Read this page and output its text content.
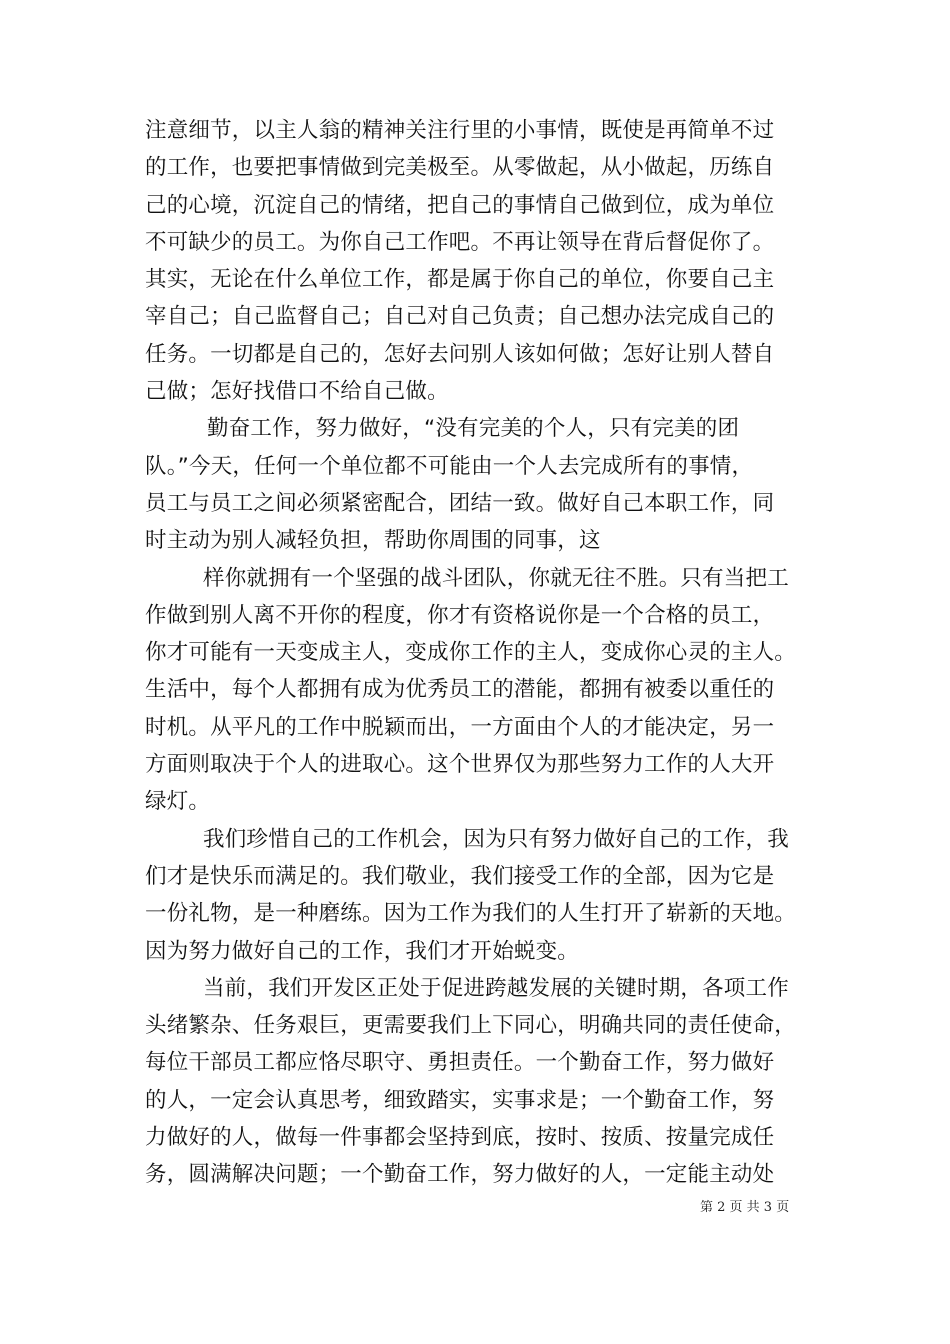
注意细节，以主人翁的精神关注行里的小事情，既使是再简单不过
的工作，也要把事情做到完美极至。从零做起，从小做起，历练自
己的心境，沉淀自己的情绪，把自己的事情自己做到位，成为单位
不可缺少的员工。为你自己工作吧。不再让领导在背后督促你了。
其实，无论在什么单位工作，都是属于你自己的单位，你要自己主
宰自己；自己监督自己；自己对自己负责；自己想办法完成自己的
任务。一切都是自己的，怎好去问别人该如何做；怎好让别人替自
己做；怎好找借口不给自己做。
勤奋工作，努力做好，“没有完美的个人，只有完美的团
队。”今天，任何一个单位都不可能由一个人去完成所有的事情，
员工与员工之间必须紧密配合，团结一致。做好自己本职工作，同
时主动为别人减轻负担，帮助你周围的同事，这
样你就拥有一个坚强的战斗团队，你就无往不胜。只有当把工
作做到别人离不开你的程度，你才有资格说你是一个合格的员工，
你才可能有一天变成主人，变成你工作的主人，变成你心灵的主人。
生活中，每个人都拥有成为优秀员工的潜能，都拥有被委以重任的
时机。从平凡的工作中脱颖而出，一方面由个人的才能决定，另一
方面则取决于个人的进取心。这个世界仅为那些努力工作的人大开
绿灯。
我们珍惜自己的工作机会，因为只有努力做好自己的工作，我
们才是快乐而满足的。我们敬业，我们接受工作的全部，因为它是
一份礼物，是一种磨练。因为工作为我们的人生打开了崭新的天地。
因为努力做好自己的工作，我们才开始蜕变。
当前，我们开发区正处于促进跨越发展的关键时期，各项工作
头绪繁杂、任务艰巨，更需要我们上下同心，明确共同的责任使命，
每位干部员工都应恪尽职守、勇担责任。一个勤奋工作，努力做好
的人，一定会认真思考，细致踏实，实事求是；一个勤奋工作，努
力做好的人，做每一件事都会坚持到底，按时、按质、按量完成任
务，圆满解决问题；一个勤奋工作，努力做好的人，一定能主动处
第 2 页 共 3 页
